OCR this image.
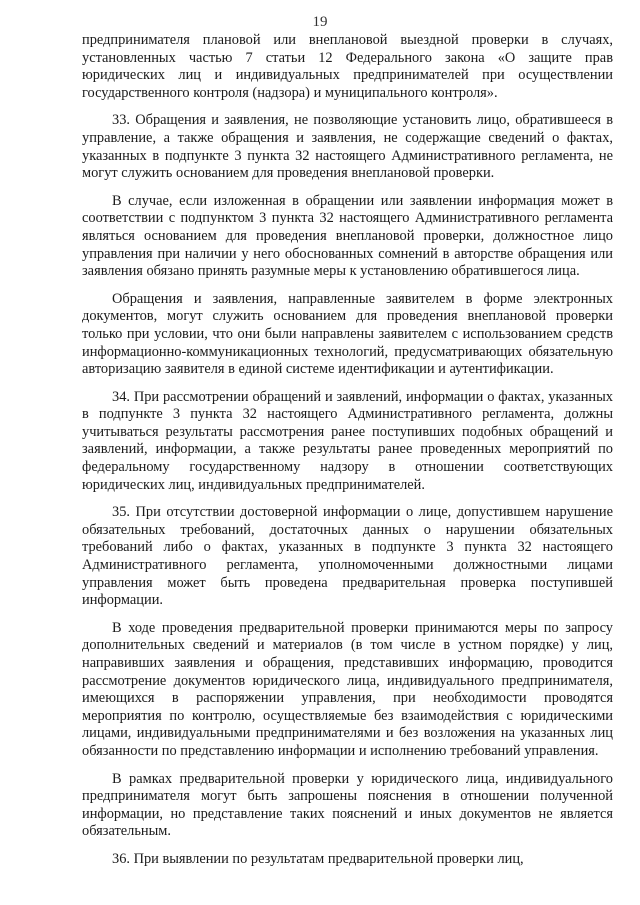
19

предпринимателя плановой или внеплановой выездной проверки в случаях, установленных частью 7 статьи 12 Федерального закона «О защите прав юридических лиц и индивидуальных предпринимателей при осуществлении государственного контроля (надзора) и муниципального контроля».

33. Обращения и заявления, не позволяющие установить лицо, обратившееся в управление, а также обращения и заявления, не содержащие сведений о фактах, указанных в подпункте 3 пункта 32 настоящего Административного регламента, не могут служить основанием для проведения внеплановой проверки.

В случае, если изложенная в обращении или заявлении информация может в соответствии с подпунктом 3 пункта 32 настоящего Административного регламента являться основанием для проведения внеплановой проверки, должностное лицо управления при наличии у него обоснованных сомнений в авторстве обращения или заявления обязано принять разумные меры к установлению обратившегося лица.

Обращения и заявления, направленные заявителем в форме электронных документов, могут служить основанием для проведения внеплановой проверки только при условии, что они были направлены заявителем с использованием средств информационно-коммуникационных технологий, предусматривающих обязательную авторизацию заявителя в единой системе идентификации и аутентификации.

34. При рассмотрении обращений и заявлений, информации о фактах, указанных в подпункте 3 пункта 32 настоящего Административного регламента, должны учитываться результаты рассмотрения ранее поступивших подобных обращений и заявлений, информации, а также результаты ранее проведенных мероприятий по федеральному государственному надзору в отношении соответствующих юридических лиц, индивидуальных предпринимателей.

35. При отсутствии достоверной информации о лице, допустившем нарушение обязательных требований, достаточных данных о нарушении обязательных требований либо о фактах, указанных в подпункте 3 пункта 32 настоящего Административного регламента, уполномоченными должностными лицами управления может быть проведена предварительная проверка поступившей информации.

В ходе проведения предварительной проверки принимаются меры по запросу дополнительных сведений и материалов (в том числе в устном порядке) у лиц, направивших заявления и обращения, представивших информацию, проводится рассмотрение документов юридического лица, индивидуального предпринимателя, имеющихся в распоряжении управления, при необходимости проводятся мероприятия по контролю, осуществляемые без взаимодействия с юридическими лицами, индивидуальными предпринимателями и без возложения на указанных лиц обязанности по представлению информации и исполнению требований управления.

В рамках предварительной проверки у юридического лица, индивидуального предпринимателя могут быть запрошены пояснения в отношении полученной информации, но представление таких пояснений и иных документов не является обязательным.

36. При выявлении по результатам предварительной проверки лиц,
